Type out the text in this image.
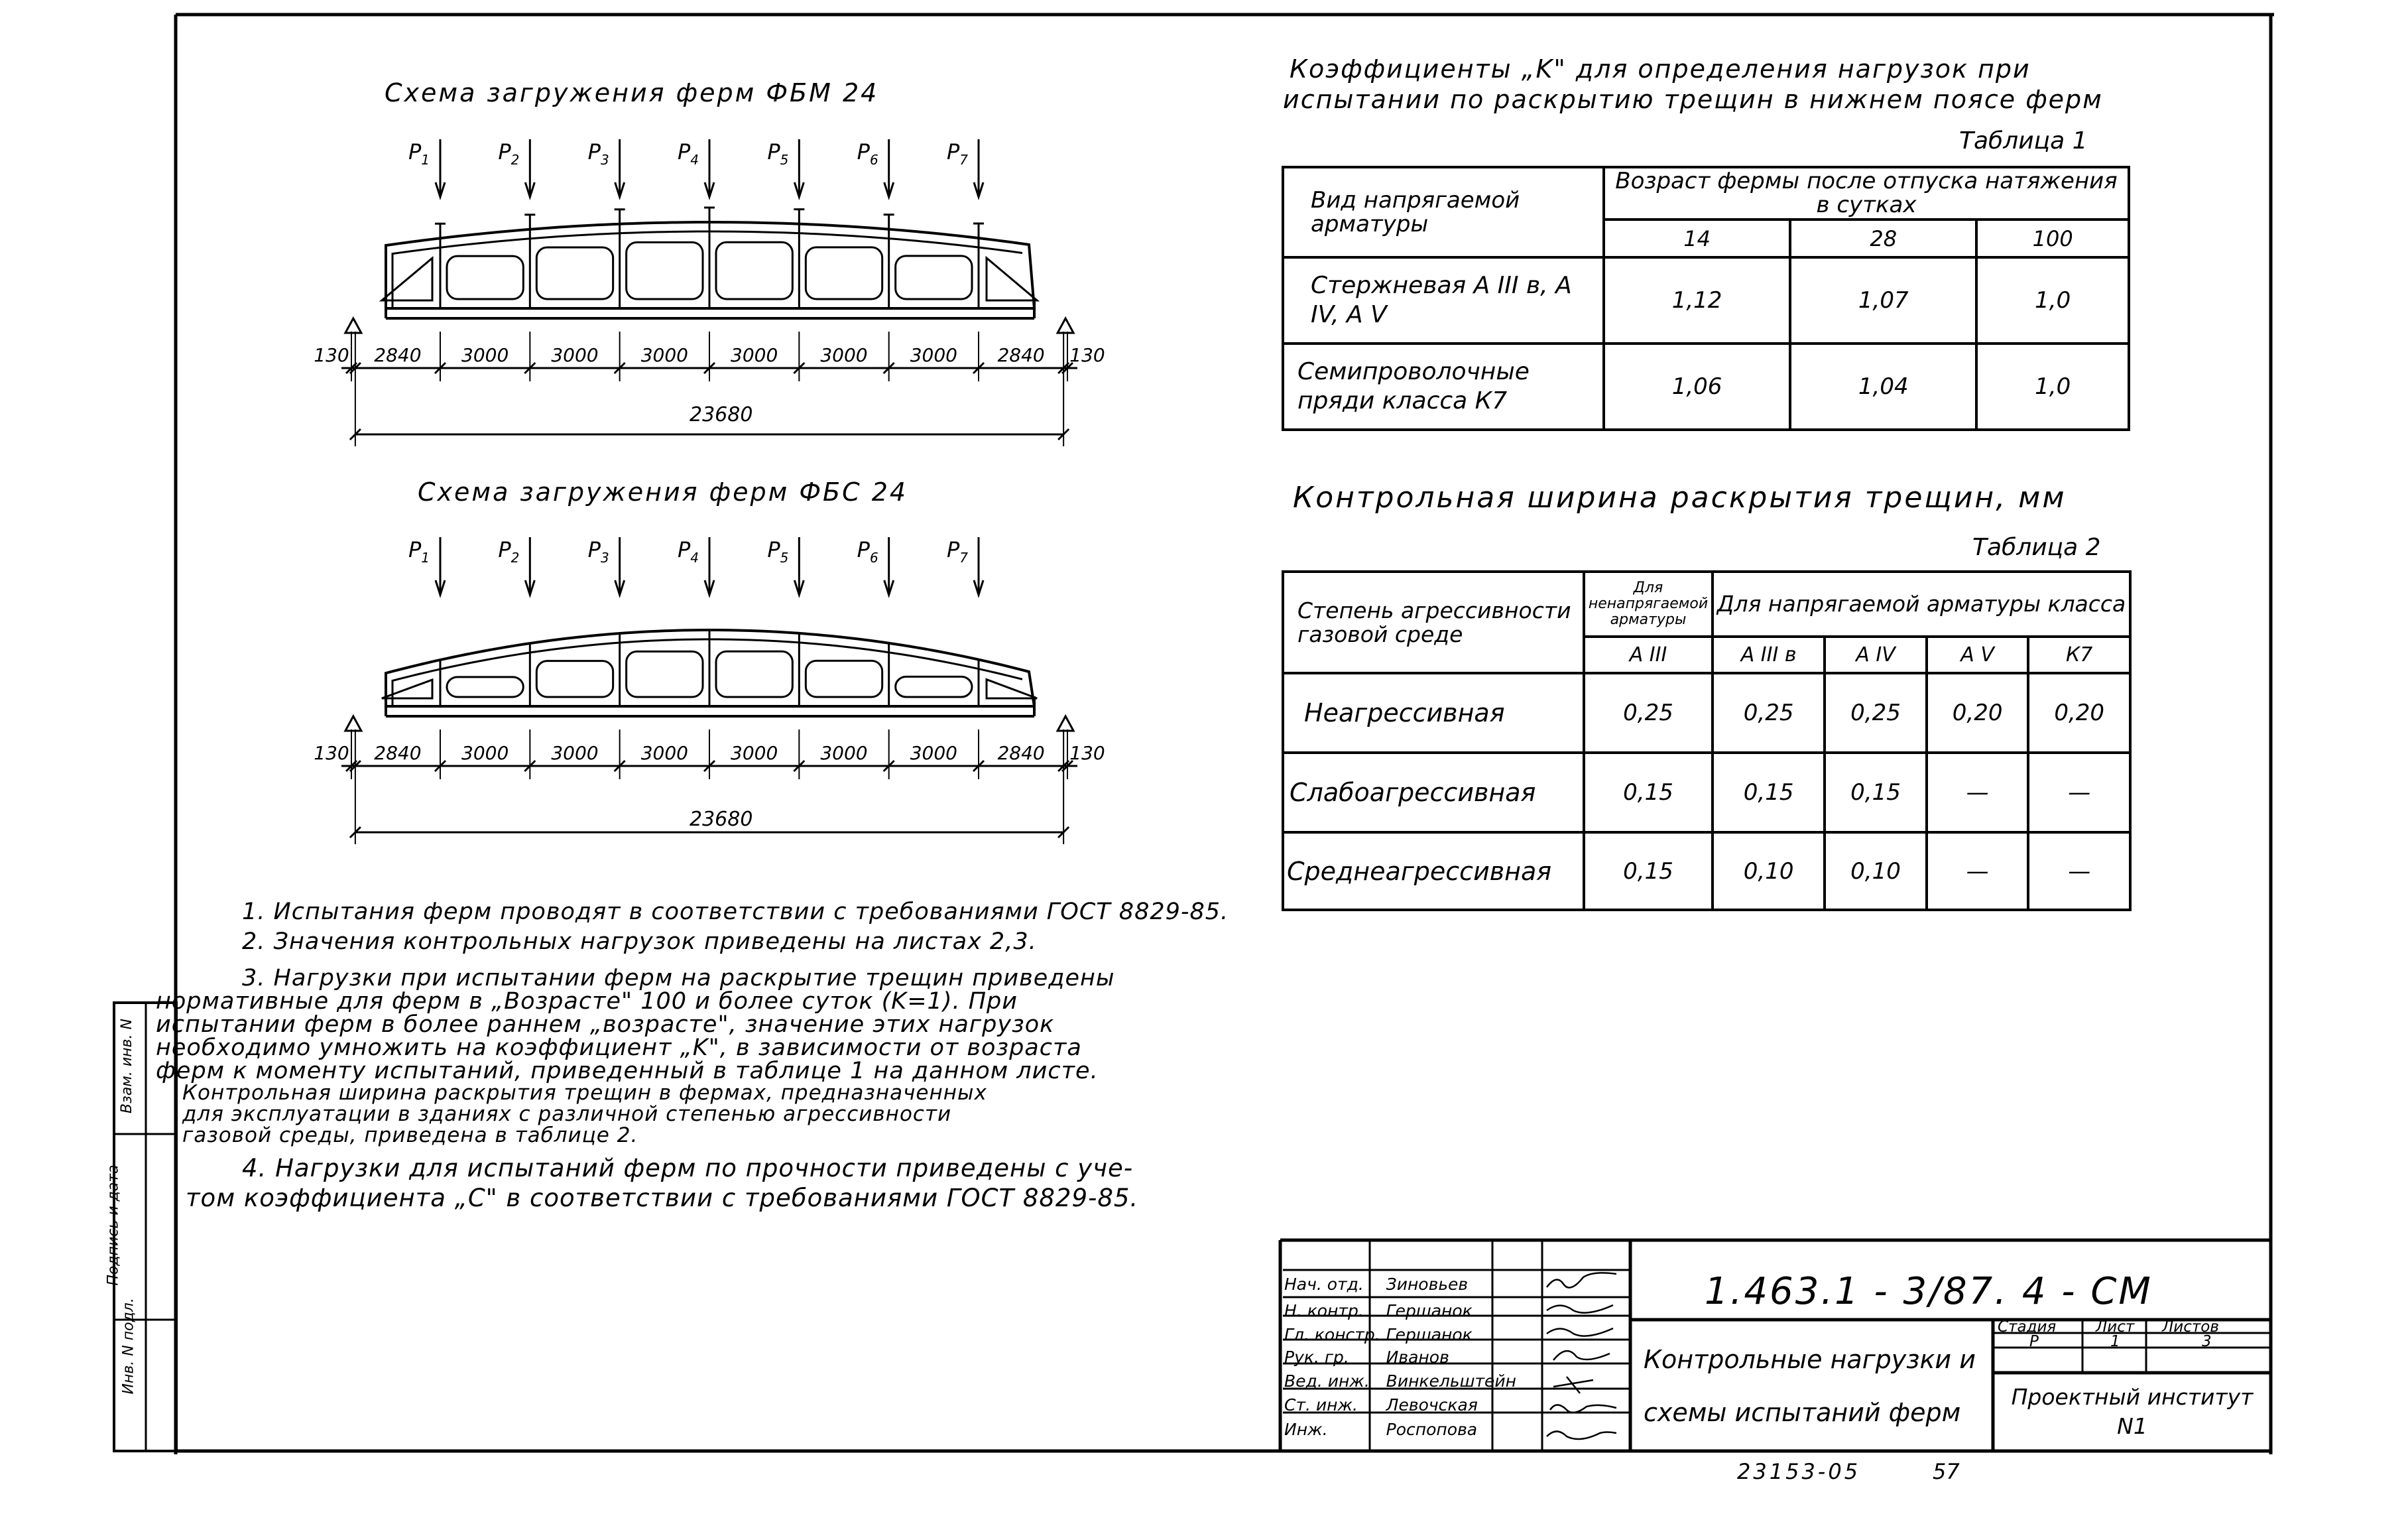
Инв. N подл.
Подпись и дата
Взам. инв. N
Схема загружения ферм ФБМ 24
$P_1$	$P_2$	$P_3$	$P_4$	$P_5$	$P_6$	$P_7$
130 2840 3000 3000 3000 3000 3000 3000 2840 130
23680
Схема загружения ферм ФБС 24
$P_1$	$P_2$	$P_3$	$P_4$	$P_5$	$P_6$	$P_7$
130 2840 3000 3000 3000 3000 3000 3000 2840 130
23680
1. Испытания ферм проводят в соответствии с требованиями ГОСТ 8829-85.
2. Значения контрольных нагрузок приведены на листах 2,3.
3. Нагрузки при испытании ферм на раскрытие трещин приведены
нормативные для ферм в „Возрасте" 100 и более суток (K=1). При
испытании ферм в более раннем „возрасте", значение этих нагрузок
необходимо умножить на коэффициент „K", в зависимости от возраста
ферм к моменту испытаний, приведенный в таблице 1 на данном листе.
Контрольная ширина раскрытия трещин в фермах, предназначенных
для эксплуатации в зданиях с различной степенью агрессивности
газовой среды, приведена в таблице 2.
4. Нагрузки для испытаний ферм по прочности приведены с уче-
том коэффициента „C" в соответствии с требованиями ГОСТ 8829-85.
Коэффициенты „K" для определения нагрузок при
испытании по раскрытию трещин в нижнем поясе ферм
Таблица 1
Вид напрягаемой арматуры	Возраст фермы после отпуска натяжения в сутках		
	14	28	100
Стержневая А III в, А IV, А V	1,12	1,07	1,0
Семипроволочные пряди класса К7	1,06	1,04	1,0
Контрольная ширина раскрытия трещин, мм
Таблица 2
Степень агрессивности газовой среде	Для ненапрягаемой арматуры	Для напрягаемой арматуры класса			
	А III	А III в	А IV	А V	К7
Неагрессивная	0,25	0,25	0,25	0,20	0,20
Слабоагрессивная	0,15	0,15	0,15	—	—
Среднеагрессивная	0,15	0,10	0,10	—	—
1.463.1 - 3/87. 4 - СМ
Контрольные нагрузки и схемы испытаний ферм
Стадия	Лист Листов
Р	1	3
Проектный институт N1
Нач. отд.	Зиновьев
Н. контр.	Гершанок
Гл. констр.	Гершанок
Рук. гр.	Иванов
Вед. инж.	Винкельштейн
Ст. инж.	Левочская
Инж.	Роспопова
23153-05	57
